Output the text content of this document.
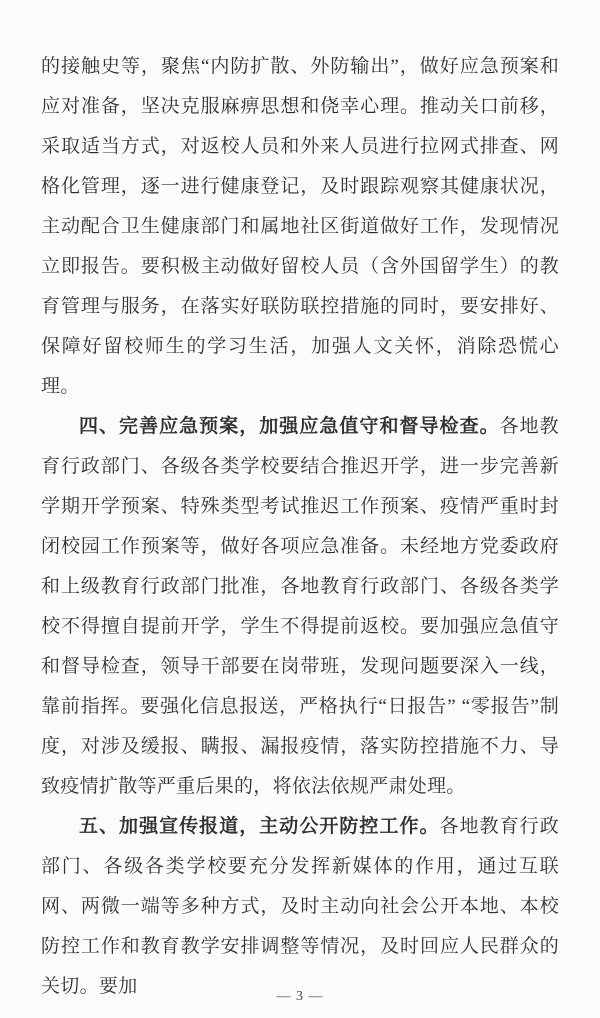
的接触史等，聚焦“内防扩散、外防输出”，做好应急预案和应对准备，坚决克服麻痹思想和侥幸心理。推动关口前移，采取适当方式，对返校人员和外来人员进行拉网式排查、网格化管理，逐一进行健康登记，及时跟踪观察其健康状况，主动配合卫生健康部门和属地社区街道做好工作，发现情况立即报告。要积极主动做好留校人员（含外国留学生）的教育管理与服务，在落实好联防联控措施的同时，要安排好、保障好留校师生的学习生活，加强人文关怀，消除恐慌心理。

四、完善应急预案，加强应急值守和督导检查。各地教育行政部门、各级各类学校要结合推迟开学，进一步完善新学期开学预案、特殊类型考试推迟工作预案、疫情严重时封闭校园工作预案等，做好各项应急准备。未经地方党委政府和上级教育行政部门批准，各地教育行政部门、各级各类学校不得擅自提前开学，学生不得提前返校。要加强应急值守和督导检查，领导干部要在岗带班，发现问题要深入一线，靠前指挥。要强化信息报送，严格执行“日报告” “零报告”制度，对涉及缓报、瞒报、漏报疫情，落实防控措施不力、导致疫情扩散等严重后果的，将依法依规严肃处理。

五、加强宣传报道，主动公开防控工作。各地教育行政部门、各级各类学校要充分发挥新媒体的作用，通过互联网、两微一端等多种方式，及时主动向社会公开本地、本校防控工作和教育教学安排调整等情况，及时回应人民群众的关切。要加	— 3 —
